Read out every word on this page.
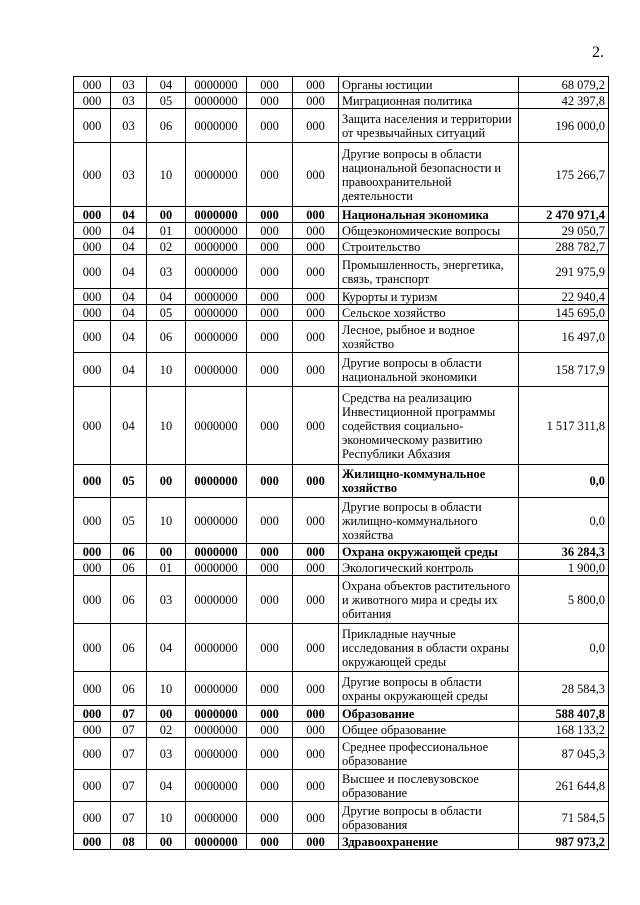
2.
000	03	04	0000000	000	000	Органы юстиции	68 079,2
000	03	05	0000000	000	000	Миграционная политика	42 397,8
000	03	06	0000000	000	000	Защита населения и территории от чрезвычайных ситуаций	196 000,0
000	03	10	0000000	000	000	Другие вопросы в области национальной безопасности и правоохранительной деятельности	175 266,7
000	04	00	0000000	000	000	Национальная экономика	2 470 971,4
000	04	01	0000000	000	000	Общеэкономические вопросы	29 050,7
000	04	02	0000000	000	000	Строительство	288 782,7
000	04	03	0000000	000	000	Промышленность, энергетика, связь, транспорт	291 975,9
000	04	04	0000000	000	000	Курорты и туризм	22 940,4
000	04	05	0000000	000	000	Сельское хозяйство	145 695,0
000	04	06	0000000	000	000	Лесное, рыбное и водное хозяйство	16 497,0
000	04	10	0000000	000	000	Другие вопросы в области национальной экономики	158 717,9
000	04	10	0000000	000	000	Средства на реализацию Инвестиционной программы содействия социально-экономическому развитию Республики Абхазия	1 517 311,8
000	05	00	0000000	000	000	Жилищно-коммунальное хозяйство	0,0
000	05	10	0000000	000	000	Другие вопросы в области жилищно-коммунального хозяйства	0,0
000	06	00	0000000	000	000	Охрана окружающей среды	36 284,3
000	06	01	0000000	000	000	Экологический контроль	1 900,0
000	06	03	0000000	000	000	Охрана объектов растительного и животного мира и среды их обитания	5 800,0
000	06	04	0000000	000	000	Прикладные научные исследования в области охраны окружающей среды	0,0
000	06	10	0000000	000	000	Другие вопросы в области охраны окружающей среды	28 584,3
000	07	00	0000000	000	000	Образование	588 407,8
000	07	02	0000000	000	000	Общее образование	168 133,2
000	07	03	0000000	000	000	Среднее профессиональное образование	87 045,3
000	07	04	0000000	000	000	Высшее и послевузовское образование	261 644,8
000	07	10	0000000	000	000	Другие вопросы в области образования	71 584,5
000	08	00	0000000	000	000	Здравоохранение	987 973,2
